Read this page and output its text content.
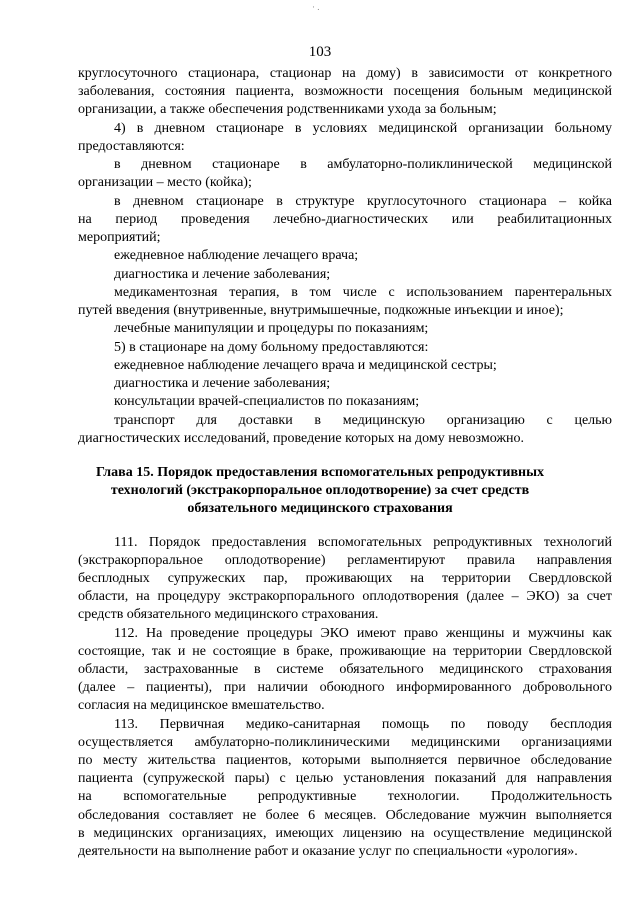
· .
103
круглосуточного стационара, стационар на дому) в зависимости от конкретного
заболевания, состояния пациента, возможности посещения больным медицинской
организации, а также обеспечения родственниками ухода за больным;
4) в дневном стационаре в условиях медицинской организации больному
предоставляются:
в дневном стационаре в амбулаторно-поликлинической медицинской
организации – место (койка);
в дневном стационаре в структуре круглосуточного стационара – койка
на период проведения лечебно-диагностических или реабилитационных
мероприятий;
ежедневное наблюдение лечащего врача;
диагностика и лечение заболевания;
медикаментозная терапия, в том числе с использованием парентеральных
путей введения (внутривенные, внутримышечные, подкожные инъекции и иное);
лечебные манипуляции и процедуры по показаниям;
5) в стационаре на дому больному предоставляются:
ежедневное наблюдение лечащего врача и медицинской сестры;
диагностика и лечение заболевания;
консультации врачей-специалистов по показаниям;
транспорт для доставки в медицинскую организацию с целью
диагностических исследований, проведение которых на дому невозможно.
Глава 15. Порядок предоставления вспомогательных репродуктивных
технологий (экстракорпоральное оплодотворение) за счет средств
обязательного медицинского страхования
111. Порядок предоставления вспомогательных репродуктивных технологий
(экстракорпоральное оплодотворение) регламентируют правила направления
бесплодных супружеских пар, проживающих на территории Свердловской
области, на процедуру экстракорпорального оплодотворения (далее – ЭКО) за счет
средств обязательного медицинского страхования.
112. На проведение процедуры ЭКО имеют право женщины и мужчины как
состоящие, так и не состоящие в браке, проживающие на территории Свердловской
области, застрахованные в системе обязательного медицинского страхования
(далее – пациенты), при наличии обоюдного информированного добровольного
согласия на медицинское вмешательство.
113. Первичная медико-санитарная помощь по поводу бесплодия
осуществляется амбулаторно-поликлиническими медицинскими организациями
по месту жительства пациентов, которыми выполняется первичное обследование
пациента (супружеской пары) с целью установления показаний для направления
на вспомогательные репродуктивные технологии. Продолжительность
обследования составляет не более 6 месяцев. Обследование мужчин выполняется
в медицинских организациях, имеющих лицензию на осуществление медицинской
деятельности на выполнение работ и оказание услуг по специальности «урология».
